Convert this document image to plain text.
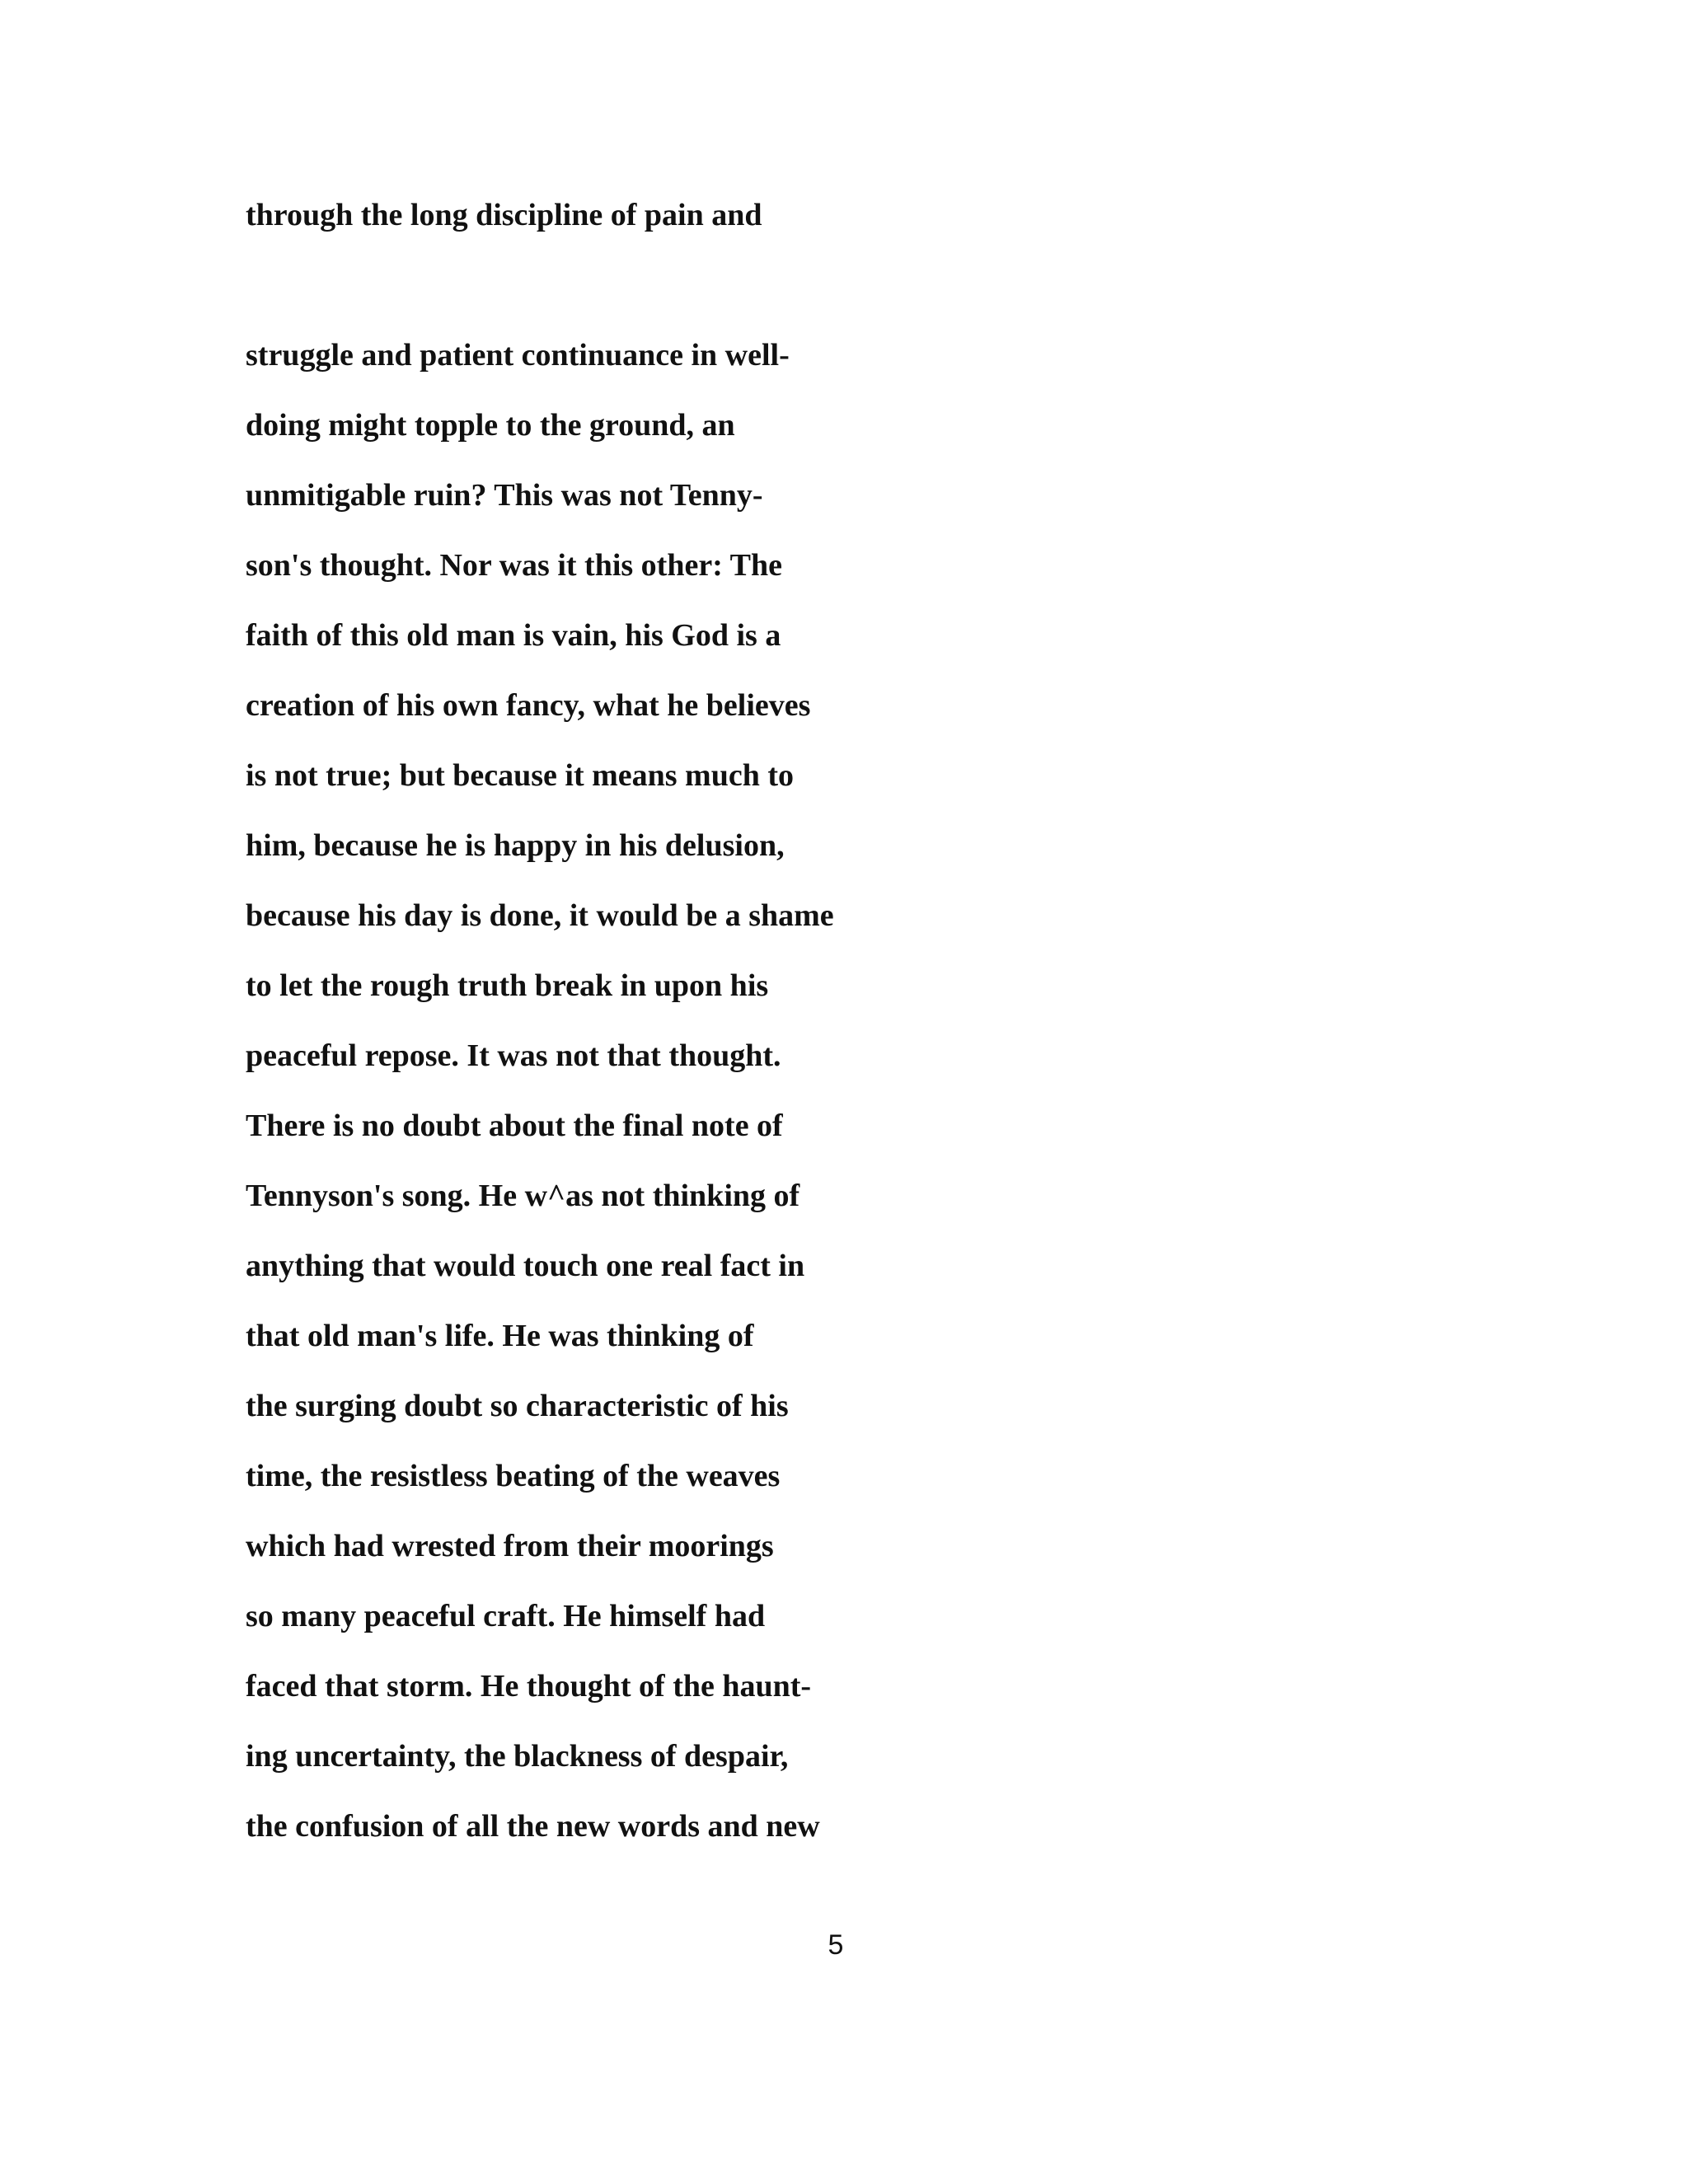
through the long discipline of pain and

struggle and patient continuance in well-

doing might topple to the ground, an

unmitigable ruin? This was not Tenny-

son's thought. Nor was it this other: The

faith of this old man is vain, his God is a

creation of his own fancy, what he believes

is not true; but because it means much to

him, because he is happy in his delusion,

because his day is done, it would be a shame

to let the rough truth break in upon his

peaceful repose. It was not that thought.

There is no doubt about the final note of

Tennyson's song. He w^as not thinking of

anything that would touch one real fact in

that old man's life. He was thinking of

the surging doubt so characteristic of his

time, the resistless beating of the weaves

which had wrested from their moorings

so many peaceful craft. He himself had

faced that storm. He thought of the haunt-

ing uncertainty, the blackness of despair,

the confusion of all the new words and new

5
